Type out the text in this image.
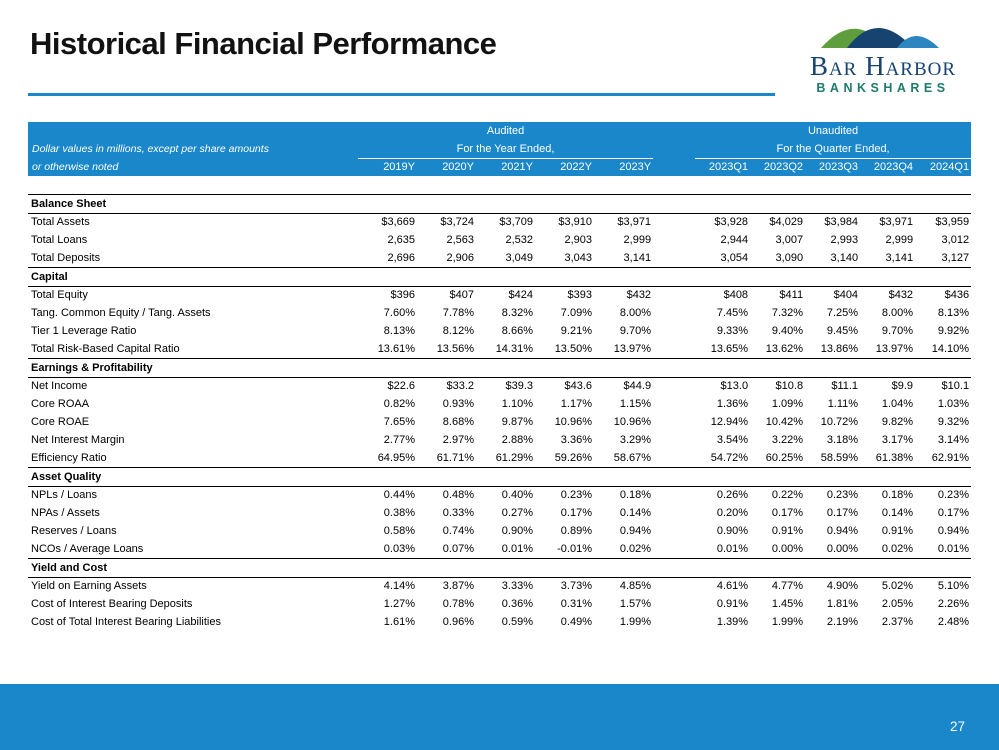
Historical Financial Performance
Bar Harbor
BANKSHARES
	Audited						Unaudited				
Dollar values in millions, except per share amounts	For the Year Ended,						For the Quarter Ended,				
or otherwise noted	2019Y	2020Y	2021Y	2022Y	2023Y		2023Q1	2023Q2	2023Q3	2023Q4	2024Q1

Balance Sheet											
Total Assets	$3,669	$3,724	$3,709	$3,910	$3,971		$3,928	$4,029	$3,984	$3,971	$3,959
Total Loans	2,635	2,563	2,532	2,903	2,999		2,944	3,007	2,993	2,999	3,012
Total Deposits	2,696	2,906	3,049	3,043	3,141		3,054	3,090	3,140	3,141	3,127
Capital											
Total Equity	$396	$407	$424	$393	$432		$408	$411	$404	$432	$436
Tang. Common Equity / Tang. Assets	7.60%	7.78%	8.32%	7.09%	8.00%		7.45%	7.32%	7.25%	8.00%	8.13%
Tier 1 Leverage Ratio	8.13%	8.12%	8.66%	9.21%	9.70%		9.33%	9.40%	9.45%	9.70%	9.92%
Total Risk-Based Capital Ratio	13.61%	13.56%	14.31%	13.50%	13.97%		13.65%	13.62%	13.86%	13.97%	14.10%
Earnings & Profitability											
Net Income	$22.6	$33.2	$39.3	$43.6	$44.9		$13.0	$10.8	$11.1	$9.9	$10.1
Core ROAA	0.82%	0.93%	1.10%	1.17%	1.15%		1.36%	1.09%	1.11%	1.04%	1.03%
Core ROAE	7.65%	8.68%	9.87%	10.96%	10.96%		12.94%	10.42%	10.72%	9.82%	9.32%
Net Interest Margin	2.77%	2.97%	2.88%	3.36%	3.29%		3.54%	3.22%	3.18%	3.17%	3.14%
Efficiency Ratio	64.95%	61.71%	61.29%	59.26%	58.67%		54.72%	60.25%	58.59%	61.38%	62.91%
Asset Quality											
NPLs / Loans	0.44%	0.48%	0.40%	0.23%	0.18%		0.26%	0.22%	0.23%	0.18%	0.23%
NPAs / Assets	0.38%	0.33%	0.27%	0.17%	0.14%		0.20%	0.17%	0.17%	0.14%	0.17%
Reserves / Loans	0.58%	0.74%	0.90%	0.89%	0.94%		0.90%	0.91%	0.94%	0.91%	0.94%
NCOs / Average Loans	0.03%	0.07%	0.01%	-0.01%	0.02%		0.01%	0.00%	0.00%	0.02%	0.01%
Yield and Cost											
Yield on Earning Assets	4.14%	3.87%	3.33%	3.73%	4.85%		4.61%	4.77%	4.90%	5.02%	5.10%
Cost of Interest Bearing Deposits	1.27%	0.78%	0.36%	0.31%	1.57%		0.91%	1.45%	1.81%	2.05%	2.26%
Cost of Total Interest Bearing Liabilities	1.61%	0.96%	0.59%	0.49%	1.99%		1.39%	1.99%	2.19%	2.37%	2.48%
27
